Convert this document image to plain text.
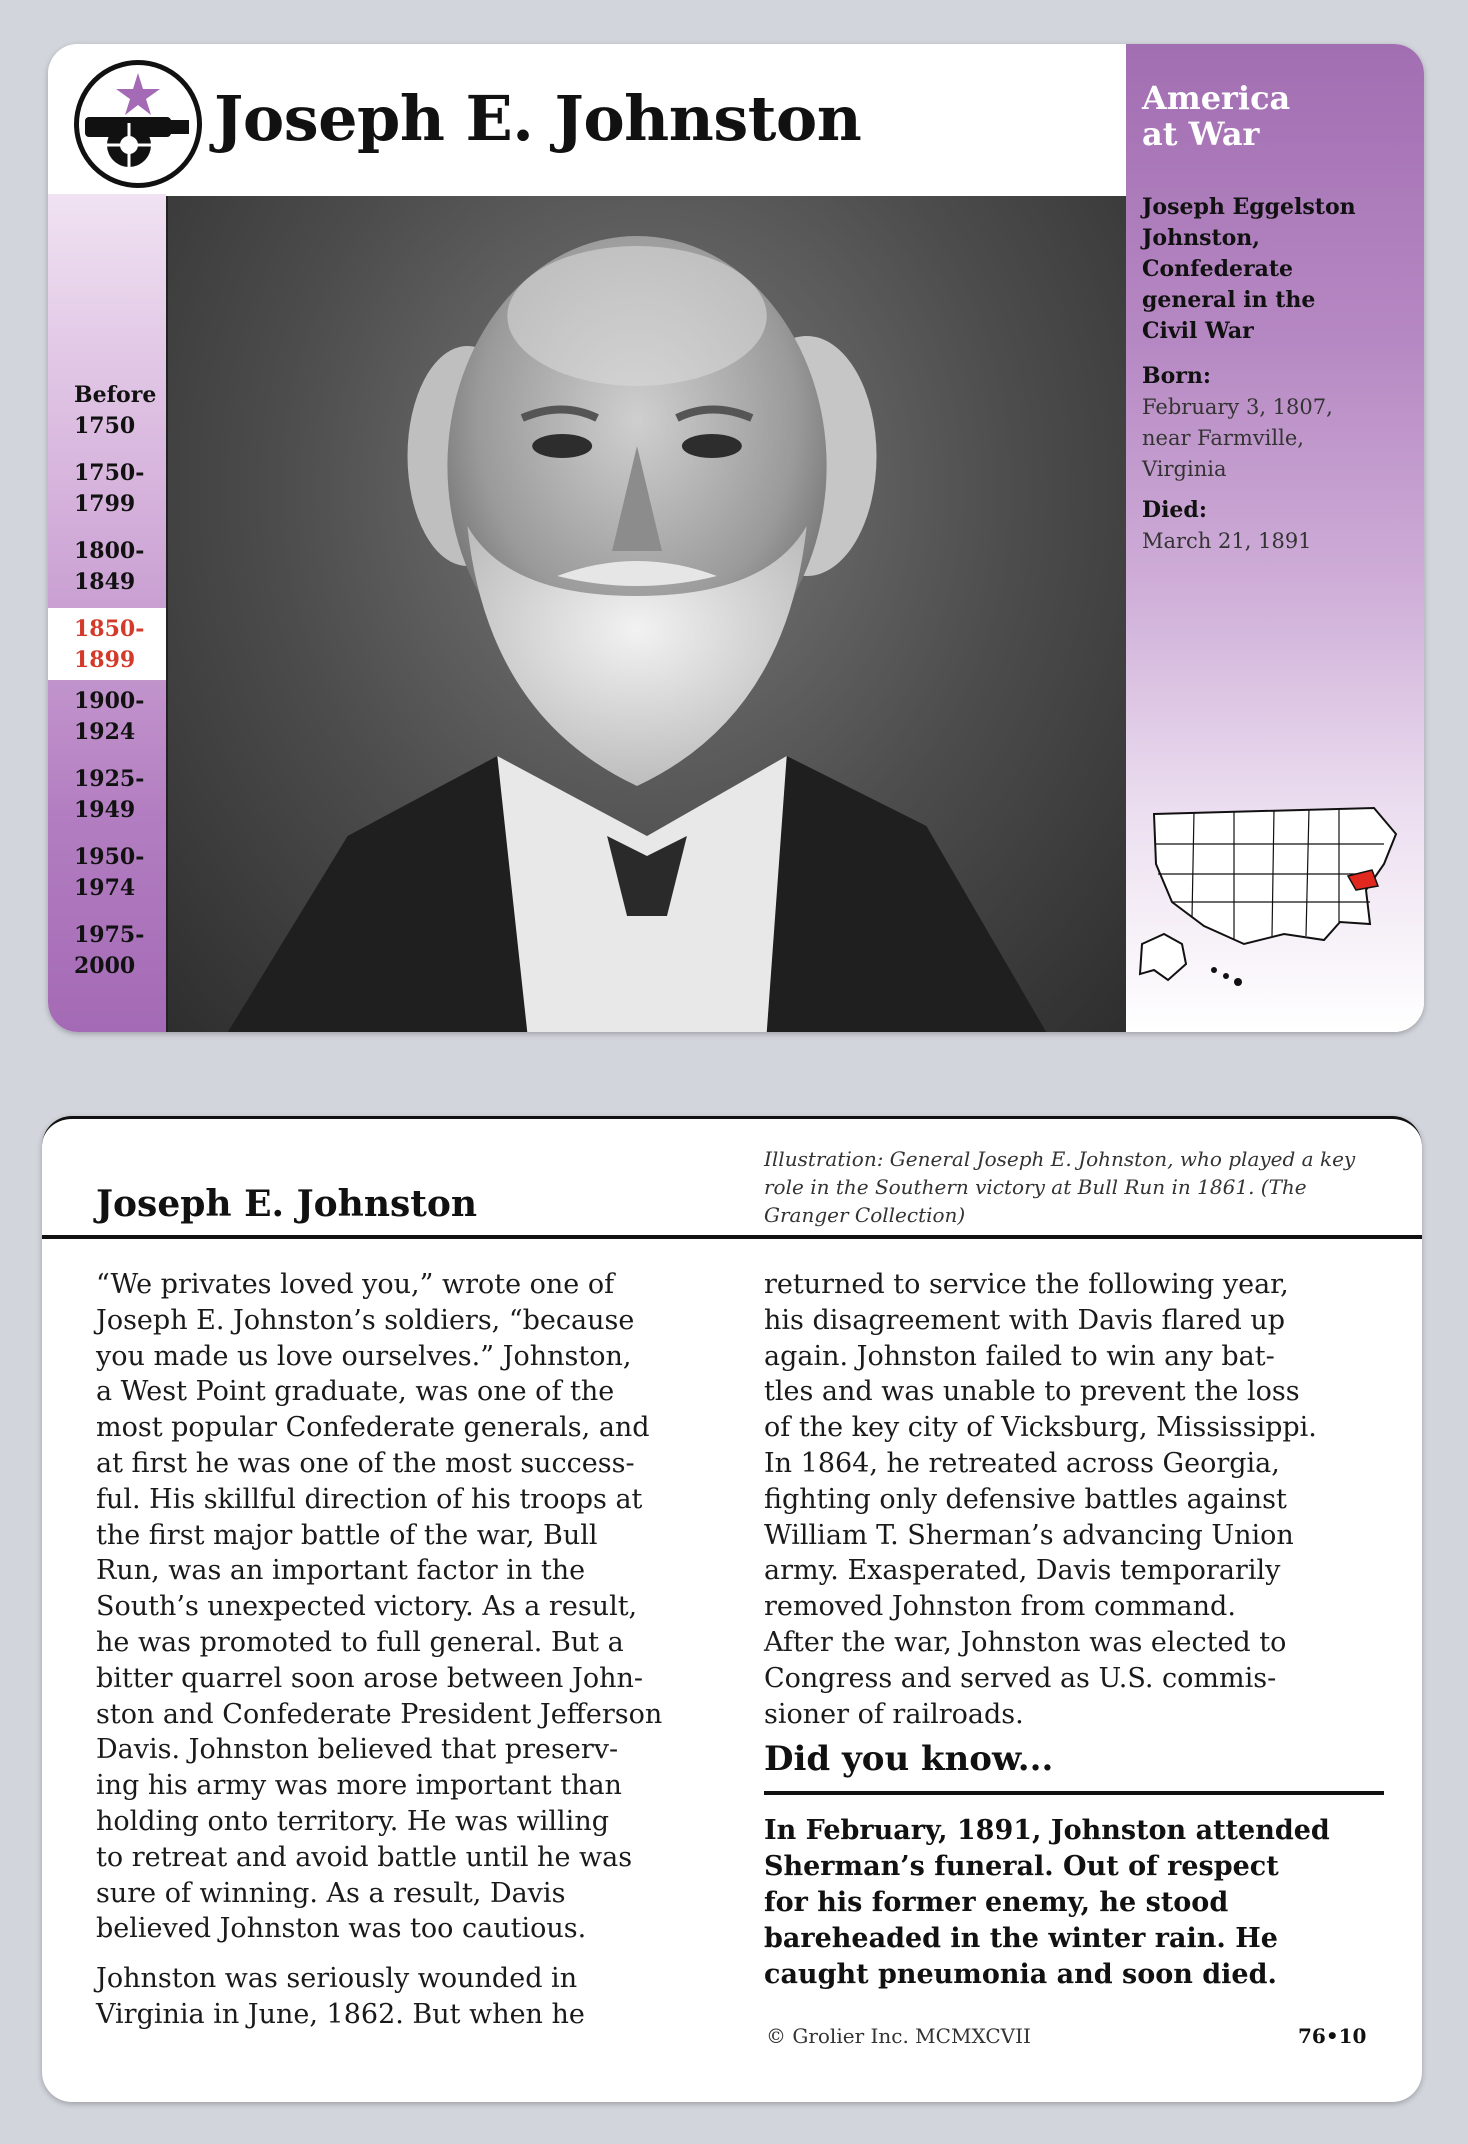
Joseph E. Johnston
Before
1750
1750-
1799
1800-
1849
1850-
1899
1900-
1924
1925-
1949
1950-
1974
1975-
2000
America
at War
Joseph Eggelston
Johnston,
Confederate
general in the
Civil War
Born:
February 3, 1807,
near Farmville,
Virginia
Died:
March 21, 1891
Joseph E. Johnston
Illustration: General Joseph E. Johnston, who played a key role in the Southern victory at Bull Run in 1861. (The Granger Collection)

“We privates loved you,” wrote one of
Joseph E. Johnston’s soldiers, “because
you made us love ourselves.” Johnston,
a West Point graduate, was one of the
most popular Confederate generals, and
at first he was one of the most success-
ful. His skillful direction of his troops at
the first major battle of the war, Bull
Run, was an important factor in the
South’s unexpected victory. As a result,
he was promoted to full general. But a
bitter quarrel soon arose between John-
ston and Confederate President Jefferson
Davis. Johnston believed that preserv-
ing his army was more important than
holding onto territory. He was willing
to retreat and avoid battle until he was
sure of winning. As a result, Davis
believed Johnston was too cautious.

Johnston was seriously wounded in
Virginia in June, 1862. But when he

returned to service the following year,
his disagreement with Davis flared up
again. Johnston failed to win any bat-
tles and was unable to prevent the loss
of the key city of Vicksburg, Mississippi.
In 1864, he retreated across Georgia,
fighting only defensive battles against
William T. Sherman’s advancing Union
army. Exasperated, Davis temporarily
removed Johnston from command.
After the war, Johnston was elected to
Congress and served as U.S. commis-
sioner of railroads.

Did you know...
In February, 1891, Johnston attended
Sherman’s funeral. Out of respect
for his former enemy, he stood
bareheaded in the winter rain. He
caught pneumonia and soon died.
© Grolier Inc. MCMXCVII	76•10
